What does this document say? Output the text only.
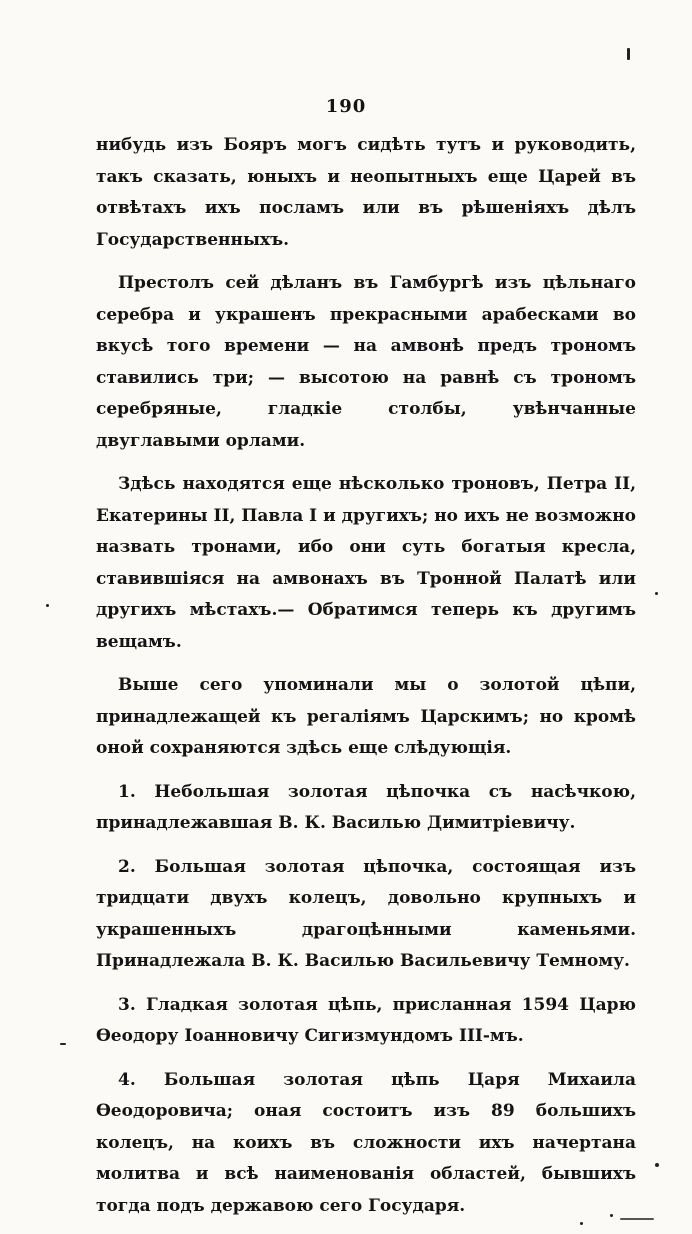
190

нибудь изъ Бояръ могъ сидѣть тутъ и руководить, такъ сказать, юныхъ и неопытныхъ еще Царей въ отвѣтахъ ихъ посламъ или въ рѣшеніяхъ дѣлъ Государственныхъ.

Престолъ сей дѣланъ въ Гамбургѣ изъ цѣльнаго серебра и украшенъ прекрасными арабесками во вкусѣ того времени — на амвонѣ предъ трономъ ставились три; — высотою на равнѣ съ трономъ серебряные, гладкіе столбы, увѣнчанные двуглавыми орлами.

Здѣсь находятся еще нѣсколько троновъ, Петра II, Екатерины II, Павла I и другихъ; но ихъ не возможно назвать тронами, ибо они суть богатыя кресла, ставившіяся на амвонахъ въ Тронной Палатѣ или другихъ мѣстахъ.— Обратимся теперь къ другимъ вещамъ.

Выше сего упоминали мы о золотой цѣпи, принадлежащей къ регаліямъ Царскимъ; но кромѣ оной сохраняются здѣсь еще слѣдующія.

1. Небольшая золотая цѣпочка съ насѣчкою, принадлежавшая В. К. Василью Димитріевичу.

2. Большая золотая цѣпочка, состоящая изъ тридцати двухъ колецъ, довольно крупныхъ и украшенныхъ драгоцѣнными каменьями. Принадлежала В. К. Василью Васильевичу Темному.

3. Гладкая золотая цѣпь, присланная 1594 Царю Өеодору Іоанновичу Сигизмундомъ III-мъ.

4. Большая золотая цѣпь Царя Михаила Өеодоровича; оная состоитъ изъ 89 большихъ колецъ, на коихъ въ сложности ихъ начертана молитва и всѣ наименованія областей, бывшихъ тогда подъ державою сего Государя.
